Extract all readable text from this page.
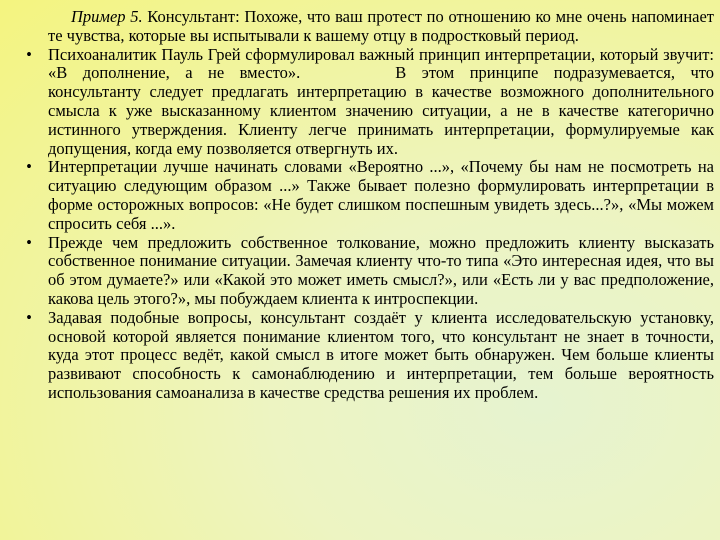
Пример 5. Консультант: Похоже, что ваш протест по отношению ко мне очень напоминает те чувства, которые вы испытывали к вашему отцу в подростковый период.

• Психоаналитик Пауль Грей сформулировал важный принцип интерпретации, который звучит: «В дополнение, а не вместо».	В этом принципе подразумевается, что консультанту следует предлагать интерпретацию в качестве возможного дополнительного смысла к уже высказанному клиентом значению ситуации, а не в качестве категорично истинного утверждения. Клиенту легче принимать интерпретации, формулируемые как допущения, когда ему позволяется отвергнуть их.
• Интерпретации лучше начинать словами «Вероятно ...», «Почему бы нам не посмотреть на ситуацию следующим образом ...» Также бывает полезно формулировать интерпретации в форме осторожных вопросов: «Не будет слишком поспешным увидеть здесь...?», «Мы можем спросить себя ...».
• Прежде чем предложить собственное толкование, можно предложить клиенту высказать собственное понимание ситуации. Замечая клиенту что-то типа «Это интересная идея, что вы об этом думаете?» или «Какой это может иметь смысл?», или «Есть ли у вас предположение, какова цель этого?», мы побуждаем клиента к интроспекции.
• Задавая подобные вопросы, консультант создаёт у клиента исследовательскую установку, основой которой является понимание клиентом того, что консультант не знает в точности, куда этот процесс ведёт, какой смысл в итоге может быть обнаружен. Чем больше клиенты развивают способность к самонаблюдению и интерпретации, тем больше вероятность использования самоанализа в качестве средства решения их проблем.
